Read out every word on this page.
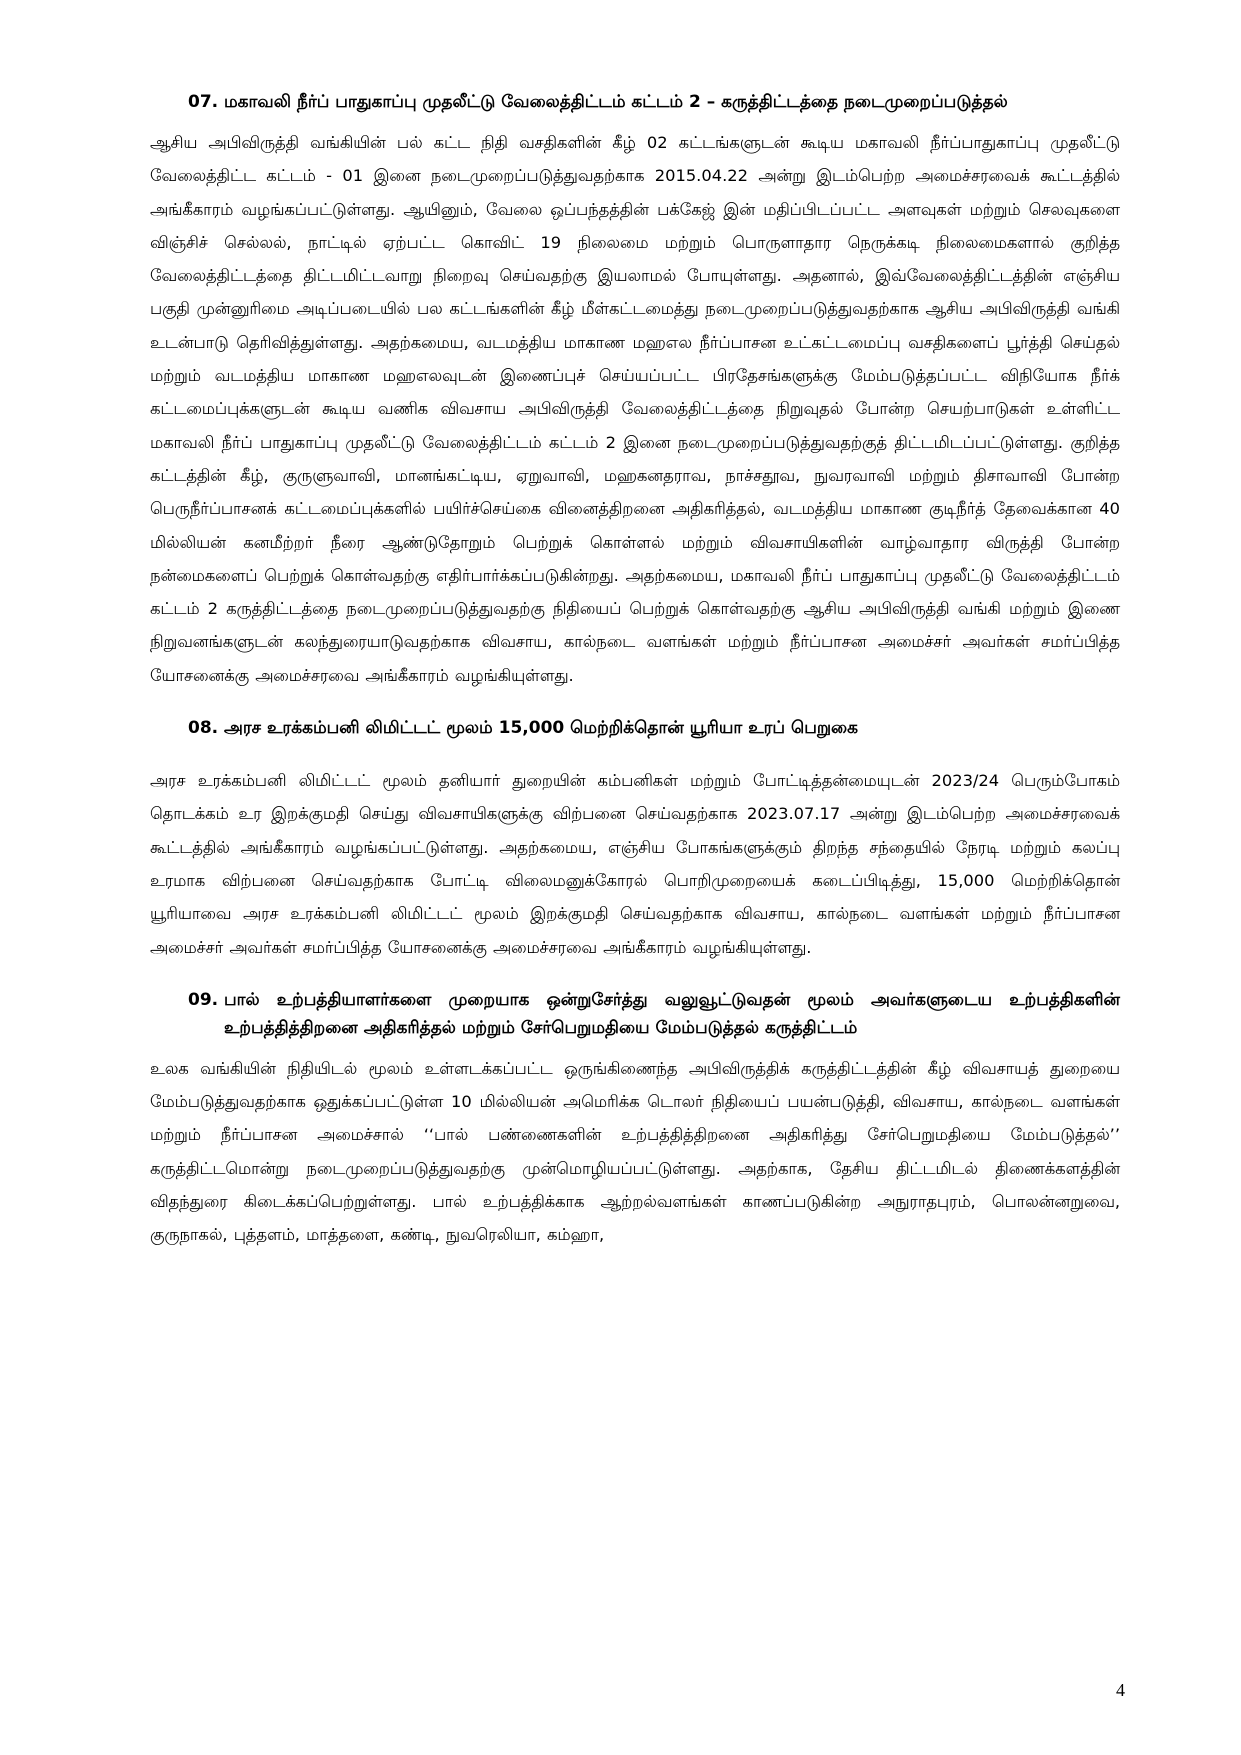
07. மகாவலி நீர்ப் பாதுகாப்பு முதலீட்டு வேலைத்திட்டம் கட்டம் 2 – கருத்திட்டத்தை நடைமுறைப்படுத்தல்

ஆசிய அபிவிருத்தி வங்கியின் பல் கட்ட நிதி வசதிகளின் கீழ் 02 கட்டங்களுடன் கூடிய மகாவலி நீர்ப்பாதுகாப்பு முதலீட்டு வேலைத்திட்ட கட்டம் - 01 இனை நடைமுறைப்படுத்துவதற்காக 2015.04.22 அன்று இடம்பெற்ற அமைச்சரவைக் கூட்டத்தில் அங்கீகாரம் வழங்கப்பட்டுள்ளது. ஆயினும், வேலை ஒப்பந்தத்தின் பக்கேஜ் இன் மதிப்பிடப்பட்ட அளவுகள் மற்றும் செலவுகளை விஞ்சிச் செல்லல், நாட்டில் ஏற்பட்ட கொவிட் 19 நிலைமை மற்றும் பொருளாதார நெருக்கடி நிலைமைகளால் குறித்த வேலைத்திட்டத்தை திட்டமிட்டவாறு நிறைவு செய்வதற்கு இயலாமல் போயுள்ளது. அதனால், இவ்வேலைத்திட்டத்தின் எஞ்சிய பகுதி முன்னுரிமை அடிப்படையில் பல கட்டங்களின் கீழ் மீள்கட்டமைத்து நடைமுறைப்படுத்துவதற்காக ஆசிய அபிவிருத்தி வங்கி உடன்பாடு தெரிவித்துள்ளது. அதற்கமைய, வடமத்திய மாகாண மஹஎல நீர்ப்பாசன உட்கட்டமைப்பு வசதிகளைப் பூர்த்தி செய்தல் மற்றும் வடமத்திய மாகாண மஹஎலவுடன் இணைப்புச் செய்யப்பட்ட பிரதேசங்களுக்கு மேம்படுத்தப்பட்ட விநியோக நீர்க் கட்டமைப்புக்களுடன் கூடிய வணிக விவசாய அபிவிருத்தி வேலைத்திட்டத்தை நிறுவுதல் போன்ற செயற்பாடுகள் உள்ளிட்ட மகாவலி நீர்ப் பாதுகாப்பு முதலீட்டு வேலைத்திட்டம் கட்டம் 2 இனை நடைமுறைப்படுத்துவதற்குத் திட்டமிடப்பட்டுள்ளது. குறித்த கட்டத்தின் கீழ், குருளுவாவி, மானங்கட்டிய, ஏறுவாவி, மஹகனதராவ, நாச்சதூவ, நுவரவாவி மற்றும் திசாவாவி போன்ற பெருநீர்ப்பாசனக் கட்டமைப்புக்களில் பயிர்ச்செய்கை வினைத்திறனை அதிகரித்தல், வடமத்திய மாகாண குடிநீர்த் தேவைக்கான 40 மில்லியன் கனமீற்றர் நீரை ஆண்டுதோறும் பெற்றுக் கொள்ளல் மற்றும் விவசாயிகளின் வாழ்வாதார விருத்தி போன்ற நன்மைகளைப் பெற்றுக் கொள்வதற்கு எதிர்பார்க்கப்படுகின்றது. அதற்கமைய, மகாவலி நீர்ப் பாதுகாப்பு முதலீட்டு வேலைத்திட்டம் கட்டம் 2 கருத்திட்டத்தை நடைமுறைப்படுத்துவதற்கு நிதியைப் பெற்றுக் கொள்வதற்கு ஆசிய அபிவிருத்தி வங்கி மற்றும் இணை நிறுவனங்களுடன் கலந்துரையாடுவதற்காக விவசாய, கால்நடை வளங்கள் மற்றும் நீர்ப்பாசன அமைச்சர் அவர்கள் சமர்ப்பித்த யோசனைக்கு அமைச்சரவை அங்கீகாரம் வழங்கியுள்ளது.

08. அரச உரக்கம்பனி லிமிட்டட் மூலம் 15,000 மெற்றிக்தொன் யூரியா உரப் பெறுகை

அரச உரக்கம்பனி லிமிட்டட் மூலம் தனியார் துறையின் கம்பனிகள் மற்றும் போட்டித்தன்மையுடன் 2023/24 பெரும்போகம் தொடக்கம் உர இறக்குமதி செய்து விவசாயிகளுக்கு விற்பனை செய்வதற்காக 2023.07.17 அன்று இடம்பெற்ற அமைச்சரவைக் கூட்டத்தில் அங்கீகாரம் வழங்கப்பட்டுள்ளது. அதற்கமைய, எஞ்சிய போகங்களுக்கும் திறந்த சந்தையில் நேரடி மற்றும் கலப்பு உரமாக விற்பனை செய்வதற்காக போட்டி விலைமனுக்கோரல் பொறிமுறையைக் கடைப்பிடித்து, 15,000 மெற்றிக்தொன் யூரியாவை அரச உரக்கம்பனி லிமிட்டட் மூலம் இறக்குமதி செய்வதற்காக விவசாய, கால்நடை வளங்கள் மற்றும் நீர்ப்பாசன அமைச்சர் அவர்கள் சமர்ப்பித்த யோசனைக்கு அமைச்சரவை அங்கீகாரம் வழங்கியுள்ளது.

09. பால் உற்பத்தியாளர்களை முறையாக ஒன்றுசேர்த்து வலுவூட்டுவதன் மூலம் அவர்களுடைய உற்பத்திகளின் உற்பத்தித்திறனை அதிகரித்தல் மற்றும் சேர்பெறுமதியை மேம்படுத்தல் கருத்திட்டம்

உலக வங்கியின் நிதியிடல் மூலம் உள்ளடக்கப்பட்ட ஒருங்கிணைந்த அபிவிருத்திக் கருத்திட்டத்தின் கீழ் விவசாயத் துறையை மேம்படுத்துவதற்காக ஒதுக்கப்பட்டுள்ள 10 மில்லியன் அமெரிக்க டொலர் நிதியைப் பயன்படுத்தி, விவசாய, கால்நடை வளங்கள் மற்றும் நீர்ப்பாசன அமைச்சால் ‘‘பால் பண்ணைகளின் உற்பத்தித்திறனை அதிகரித்து சேர்பெறுமதியை மேம்படுத்தல்’’ கருத்திட்டமொன்று நடைமுறைப்படுத்துவதற்கு முன்மொழியப்பட்டுள்ளது. அதற்காக, தேசிய திட்டமிடல் திணைக்களத்தின் விதந்துரை கிடைக்கப்பெற்றுள்ளது. பால் உற்பத்திக்காக ஆற்றல்வளங்கள் காணப்படுகின்ற அநுராதபுரம், பொலன்னறுவை, குருநாகல், புத்தளம், மாத்தளை, கண்டி, நுவரெலியா, கம்ஹா,

4
